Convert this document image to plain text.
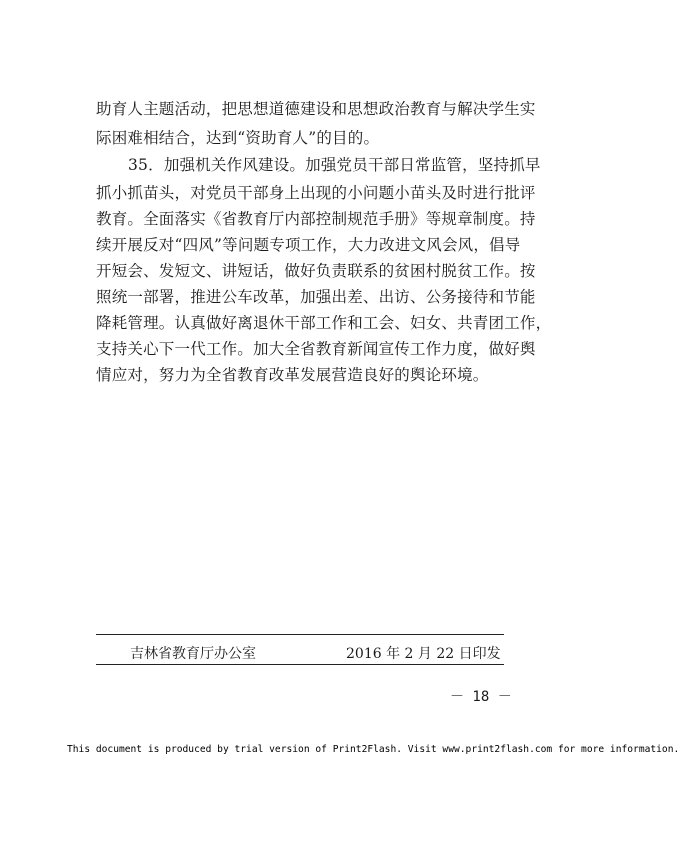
助育人主题活动，把思想道德建设和思想政治教育与解决学生实
际困难相结合，达到“资助育人”的目的。
35．加强机关作风建设。加强党员干部日常监管，坚持抓早
抓小抓苗头，对党员干部身上出现的小问题小苗头及时进行批评
教育。全面落实《省教育厅内部控制规范手册》等规章制度。持
续开展反对“四风”等问题专项工作，大力改进文风会风，倡导
开短会、发短文、讲短话，做好负责联系的贫困村脱贫工作。按
照统一部署，推进公车改革，加强出差、出访、公务接待和节能
降耗管理。认真做好离退休干部工作和工会、妇女、共青团工作，
支持关心下一代工作。加大全省教育新闻宣传工作力度，做好舆
情应对，努力为全省教育改革发展营造良好的舆论环境。
吉林省教育厅办公室	2016 年 2 月 22 日印发
－ 18 －
This document is produced by trial version of Print2Flash. Visit www.print2flash.com for more information.
